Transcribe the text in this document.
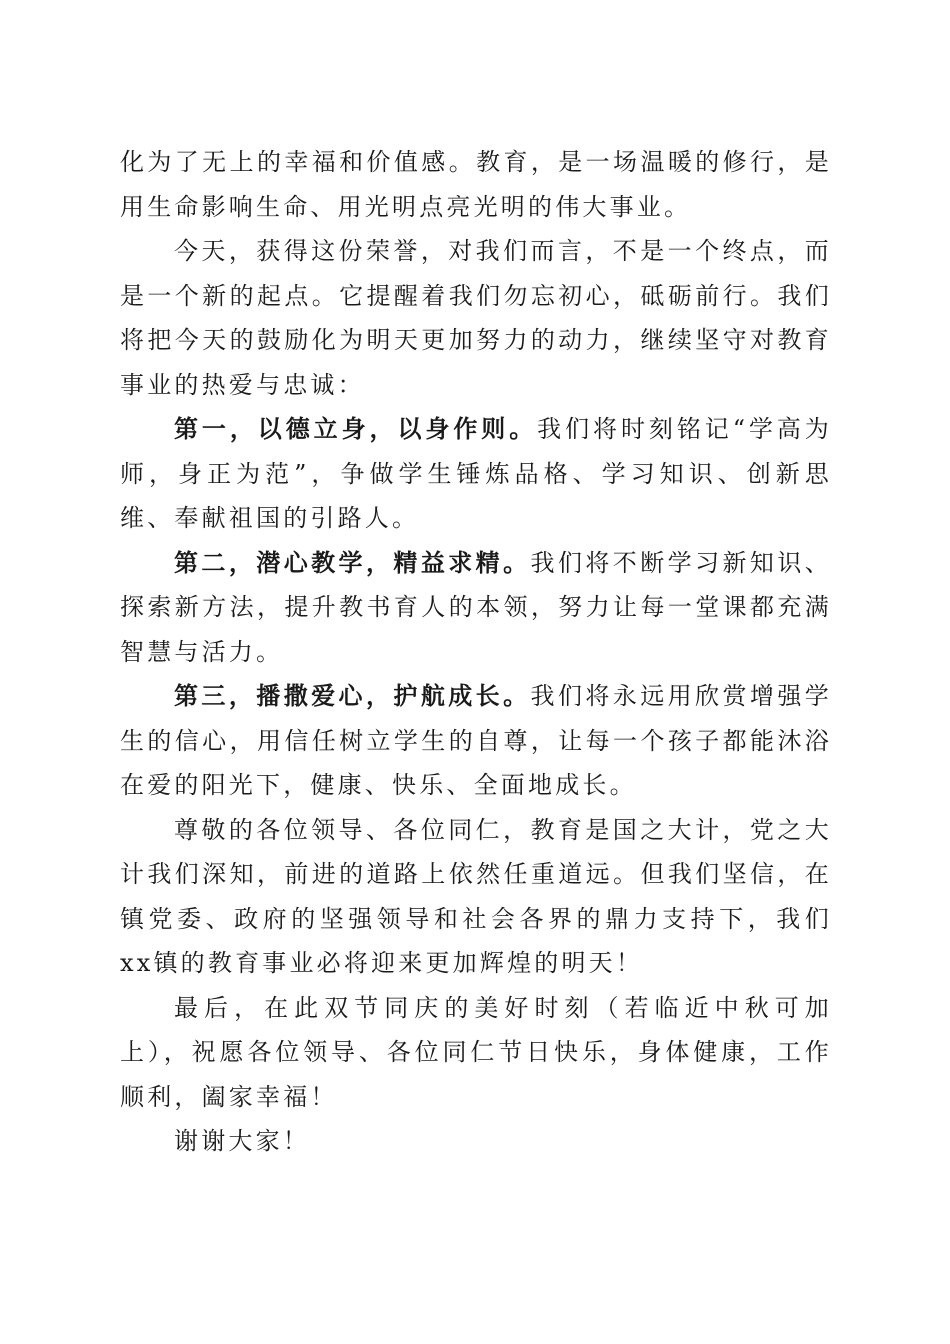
化为了无上的幸福和价值感。教育，是一场温暖的修行，是用生命影响生命、用光明点亮光明的伟大事业。

今天，获得这份荣誉，对我们而言，不是一个终点，而是一个新的起点。它提醒着我们勿忘初心，砥砺前行。我们将把今天的鼓励化为明天更加努力的动力，继续坚守对教育事业的热爱与忠诚：

第一，以德立身，以身作则。我们将时刻铭记“学高为师，身正为范”，争做学生锤炼品格、学习知识、创新思维、奉献祖国的引路人。

第二，潜心教学，精益求精。我们将不断学习新知识、探索新方法，提升教书育人的本领，努力让每一堂课都充满智慧与活力。

第三，播撒爱心，护航成长。我们将永远用欣赏增强学生的信心，用信任树立学生的自尊，让每一个孩子都能沐浴在爱的阳光下，健康、快乐、全面地成长。

尊敬的各位领导、各位同仁，教育是国之大计，党之大计我们深知，前进的道路上依然任重道远。但我们坚信，在镇党委、政府的坚强领导和社会各界的鼎力支持下，我们xx镇的教育事业必将迎来更加辉煌的明天！

最后，在此双节同庆的美好时刻（若临近中秋可加上），祝愿各位领导、各位同仁节日快乐，身体健康，工作顺利，阖家幸福！

谢谢大家！
